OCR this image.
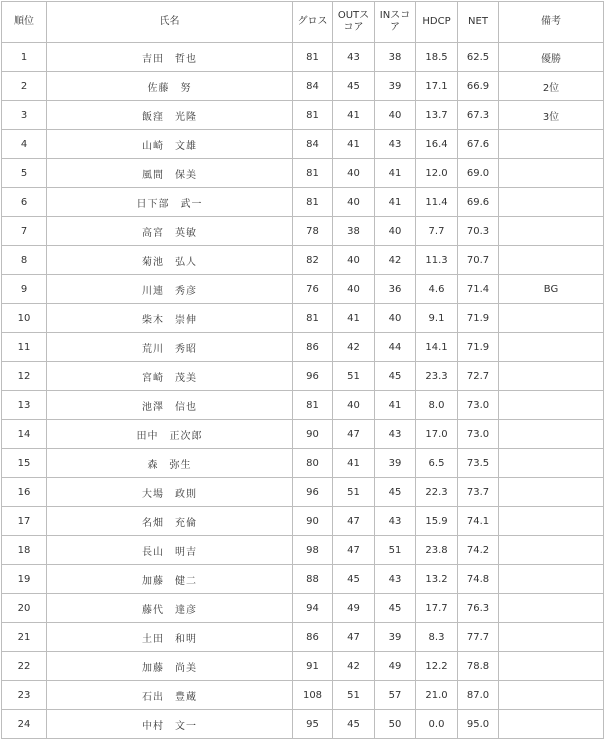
順位	氏名	グロス	OUTスコア	INスコア	HDCP	NET	備考
1	吉田　哲也	81	43	38	18.5	62.5	優勝
2	佐藤　努	84	45	39	17.1	66.9	2位
3	飯窪　光隆	81	41	40	13.7	67.3	3位
4	山崎　文雄	84	41	43	16.4	67.6	
5	風間　保美	81	40	41	12.0	69.0	
6	日下部　武一	81	40	41	11.4	69.6	
7	高宮　英敏	78	38	40	7.7	70.3	
8	菊池　弘人	82	40	42	11.3	70.7	
9	川連　秀彦	76	40	36	4.6	71.4	BG
10	柴木　崇伸	81	41	40	9.1	71.9	
11	荒川　秀昭	86	42	44	14.1	71.9	
12	宮崎　茂美	96	51	45	23.3	72.7	
13	池澤　信也	81	40	41	8.0	73.0	
14	田中　正次郎	90	47	43	17.0	73.0	
15	森　弥生	80	41	39	6.5	73.5	
16	大場　政則	96	51	45	22.3	73.7	
17	名畑　充倫	90	47	43	15.9	74.1	
18	長山　明吉	98	47	51	23.8	74.2	
19	加藤　健二	88	45	43	13.2	74.8	
20	藤代　達彦	94	49	45	17.7	76.3	
21	土田　和明	86	47	39	8.3	77.7	
22	加藤　尚美	91	42	49	12.2	78.8	
23	石出　豊蔵	108	51	57	21.0	87.0	
24	中村　文一	95	45	50	0.0	95.0	
